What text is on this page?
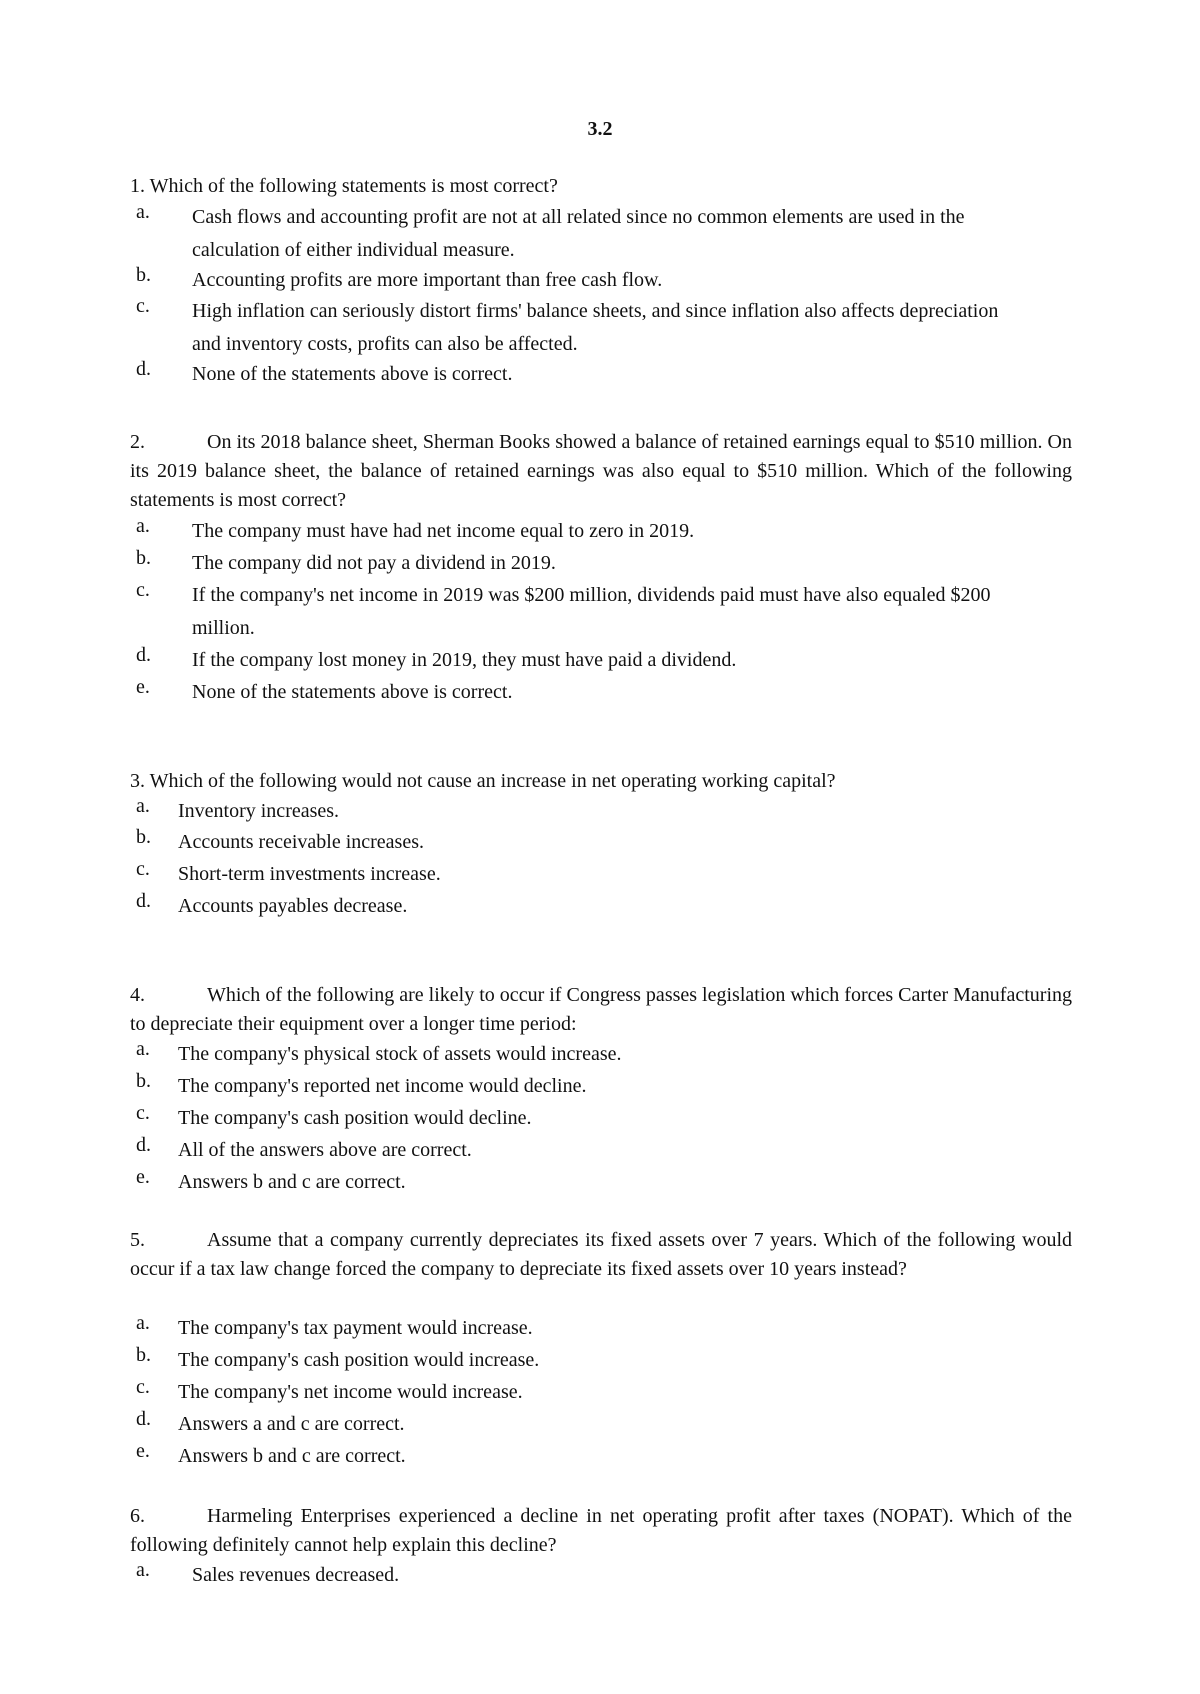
3.2
1. Which of the following statements is most correct?
a. Cash flows and accounting profit are not at all related since no common elements are used in the calculation of either individual measure.
b. Accounting profits are more important than free cash flow.
c. High inflation can seriously distort firms' balance sheets, and since inflation also affects depreciation and inventory costs, profits can also be affected.
d. None of the statements above is correct.
2.	On its 2018 balance sheet, Sherman Books showed a balance of retained earnings equal to $510 million. On its 2019 balance sheet, the balance of retained earnings was also equal to $510 million. Which of the following statements is most correct?
a. The company must have had net income equal to zero in 2019.
b. The company did not pay a dividend in 2019.
c. If the company's net income in 2019 was $200 million, dividends paid must have also equaled $200 million.
d. If the company lost money in 2019, they must have paid a dividend.
e. None of the statements above is correct.
3. Which of the following would not cause an increase in net operating working capital?
a. Inventory increases.
b. Accounts receivable increases.
c. Short-term investments increase.
d. Accounts payables decrease.
4.	Which of the following are likely to occur if Congress passes legislation which forces Carter Manufacturing to depreciate their equipment over a longer time period:
a. The company's physical stock of assets would increase.
b. The company's reported net income would decline.
c. The company's cash position would decline.
d. All of the answers above are correct.
e. Answers b and c are correct.
5.	Assume that a company currently depreciates its fixed assets over 7 years. Which of the following would occur if a tax law change forced the company to depreciate its fixed assets over 10 years instead?
a. The company's tax payment would increase.
b. The company's cash position would increase.
c. The company's net income would increase.
d. Answers a and c are correct.
e. Answers b and c are correct.
6.	Harmeling Enterprises experienced a decline in net operating profit after taxes (NOPAT). Which of the following definitely cannot help explain this decline?
a. Sales revenues decreased.
